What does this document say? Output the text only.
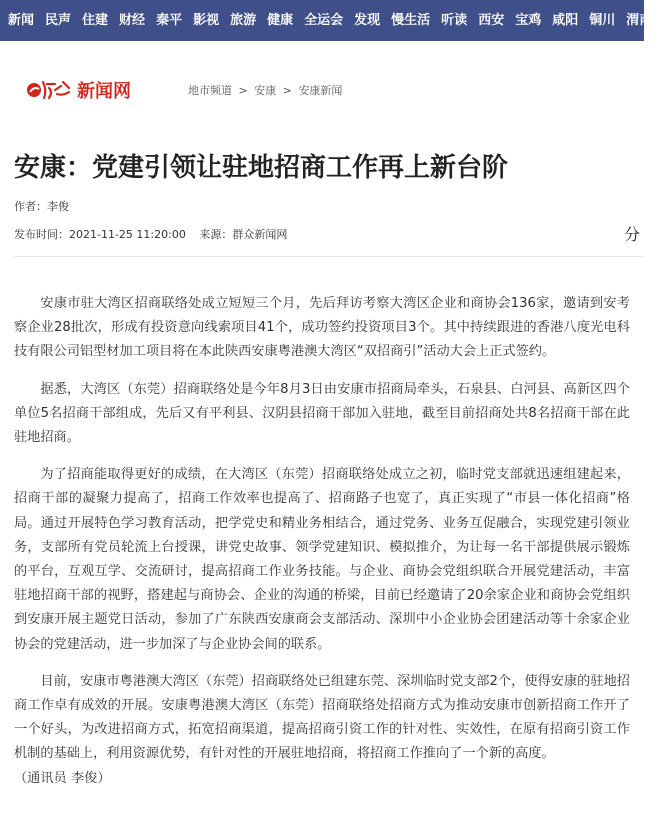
新闻 民声 住建 财经 秦平 影视 旅游 健康 全运会 发现 慢生活 听读 西安 宝鸡 咸阳 铜川 渭南
新闻网	地市频道 > 安康 > 安康新闻
安康：党建引领让驻地招商工作再上新台阶
作者：李俊
发布时间：2021-11-25 11:20:00 来源：群众新闻网	分

安康市驻大湾区招商联络处成立短短三个月，先后拜访考察大湾区企业和商协会136家，邀请到安考察企业28批次，形成有投资意向线索项目41个，成功签约投资项目3个。其中持续跟进的香港八度光电科技有限公司铝型材加工项目将在本此陕西安康粤港澳大湾区“双招商引”活动大会上正式签约。

据悉，大湾区（东莞）招商联络处是今年8月3日由安康市招商局牵头，石泉县、白河县、高新区四个单位5名招商干部组成，先后又有平利县、汉阴县招商干部加入驻地，截至目前招商处共8名招商干部在此驻地招商。

为了招商能取得更好的成绩，在大湾区（东莞）招商联络处成立之初，临时党支部就迅速组建起来，招商干部的凝聚力提高了，招商工作效率也提高了、招商路子也宽了，真正实现了“市县一体化招商”格局。通过开展特色学习教育活动，把学党史和精业务相结合，通过党务、业务互促融合，实现党建引领业务，支部所有党员轮流上台授课，讲党史故事、领学党建知识、模拟推介，为让每一名干部提供展示锻炼的平台，互观互学、交流研讨，提高招商工作业务技能。与企业、商协会党组织联合开展党建活动，丰富驻地招商干部的视野，搭建起与商协会、企业的沟通的桥梁，目前已经邀请了20余家企业和商协会党组织到安康开展主题党日活动，参加了广东陕西安康商会支部活动、深圳中小企业协会团建活动等十余家企业协会的党建活动，进一步加深了与企业协会间的联系。

目前，安康市粤港澳大湾区（东莞）招商联络处已组建东莞、深圳临时党支部2个，使得安康的驻地招商工作卓有成效的开展。安康粤港澳大湾区（东莞）招商联络处招商方式为推动安康市创新招商工作开了一个好头，为改进招商方式，拓宽招商渠道，提高招商引资工作的针对性、实效性，在原有招商引资工作机制的基础上，利用资源优势，有针对性的开展驻地招商，将招商工作推向了一个新的高度。

（通讯员 李俊）
